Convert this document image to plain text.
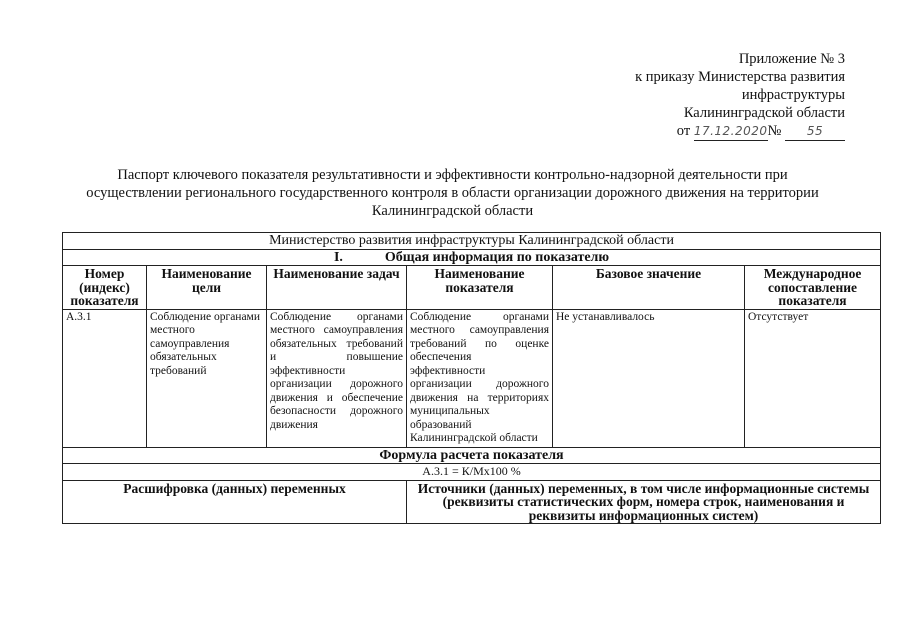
Приложение № 3
к приказу Министерства развития
инфраструктуры
Калининградской области
от 17.12.2020№ 55
Паспорт ключевого показателя результативности и эффективности контрольно-надзорной деятельности при
осуществлении регионального государственного контроля в области организации дорожного движения на территории
Калининградской области
Министерство развития инфраструктуры Калининградской области					
I. Общая информация по показателю					
Номер (индекс) показателя	Наименование цели	Наименование задач	Наименование показателя	Базовое значение	Международное сопоставление показателя
А.3.1	Соблюдение органами местного самоуправления обязательных требований	Соблюдение органами местного самоуправления обязательных требований и повышение эффективности организации дорожного движения и обеспечение безопасности дорожного движения	Соблюдение органами местного самоуправления требований по оценке обеспечения эффективности организации дорожного движения на территориях муниципальных образований Калининградской области	Не устанавливалось	Отсутствует
Формула расчета показателя					
А.3.1 = К/Мх100 %					
Расшифровка (данных) переменных			Источники (данных) переменных, в том числе информационные системы (реквизиты статистических форм, номера строк, наименования и реквизиты информационных систем)		
